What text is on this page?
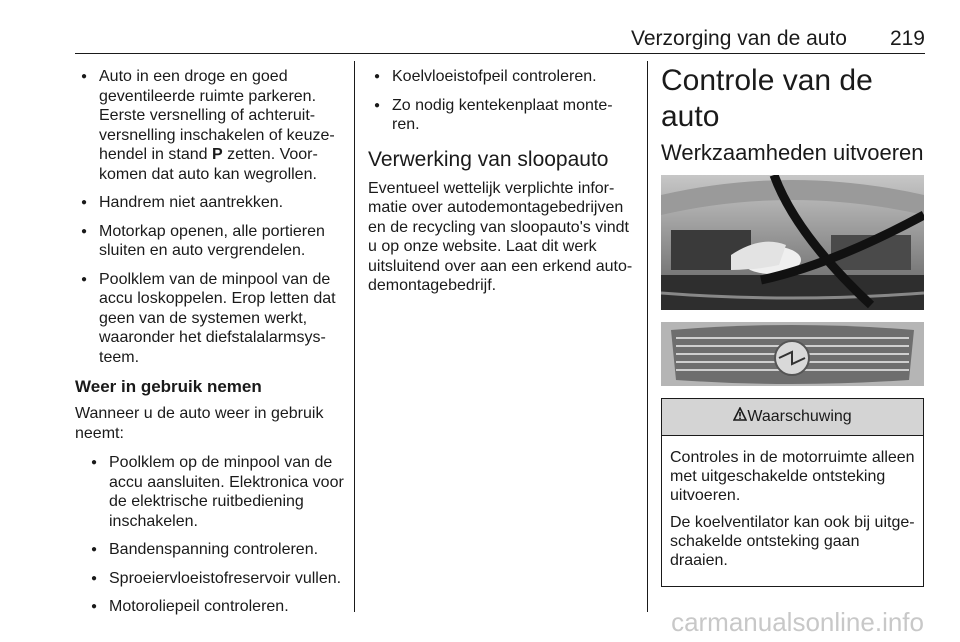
Verzorging van de auto 219
● Auto in een droge en goed geventileerde ruimte parkeren. Eerste versnelling of achteruit-versnelling inschakelen of keuze-hendel in stand P zetten. Voor-komen dat auto kan wegrollen.
● Handrem niet aantrekken.
● Motorkap openen, alle portieren sluiten en auto vergrendelen.
● Poolklem van de minpool van de accu loskoppelen. Erop letten dat geen van de systemen werkt, waaronder het diefstalalarmsys-teem.
Weer in gebruik nemen

Wanneer u de auto weer in gebruik neemt:

● Poolklem op de minpool van de accu aansluiten. Elektronica voor de elektrische ruitbediening inschakelen.
● Bandenspanning controleren.
● Sproeiervloeistofreservoir vullen.
● Motoroliepeil controleren.
● Koelvloeistofpeil controleren.
● Zo nodig kentekenplaat monte-ren.
Verwerking van sloopauto

Eventueel wettelijk verplichte infor-matie over autodemontagebedrijven en de recycling van sloopauto's vindt u op onze website. Laat dit werk uitsluitend over aan een erkend auto-demontagebedrijf.

Controle van de auto
Werkzaamheden uitvoeren
Waarschuwing

Controles in de motorruimte alleen met uitgeschakelde ontsteking uitvoeren.

De koelventilator kan ook bij uitge-schakelde ontsteking gaan draaien.

carmanualsonline.info
